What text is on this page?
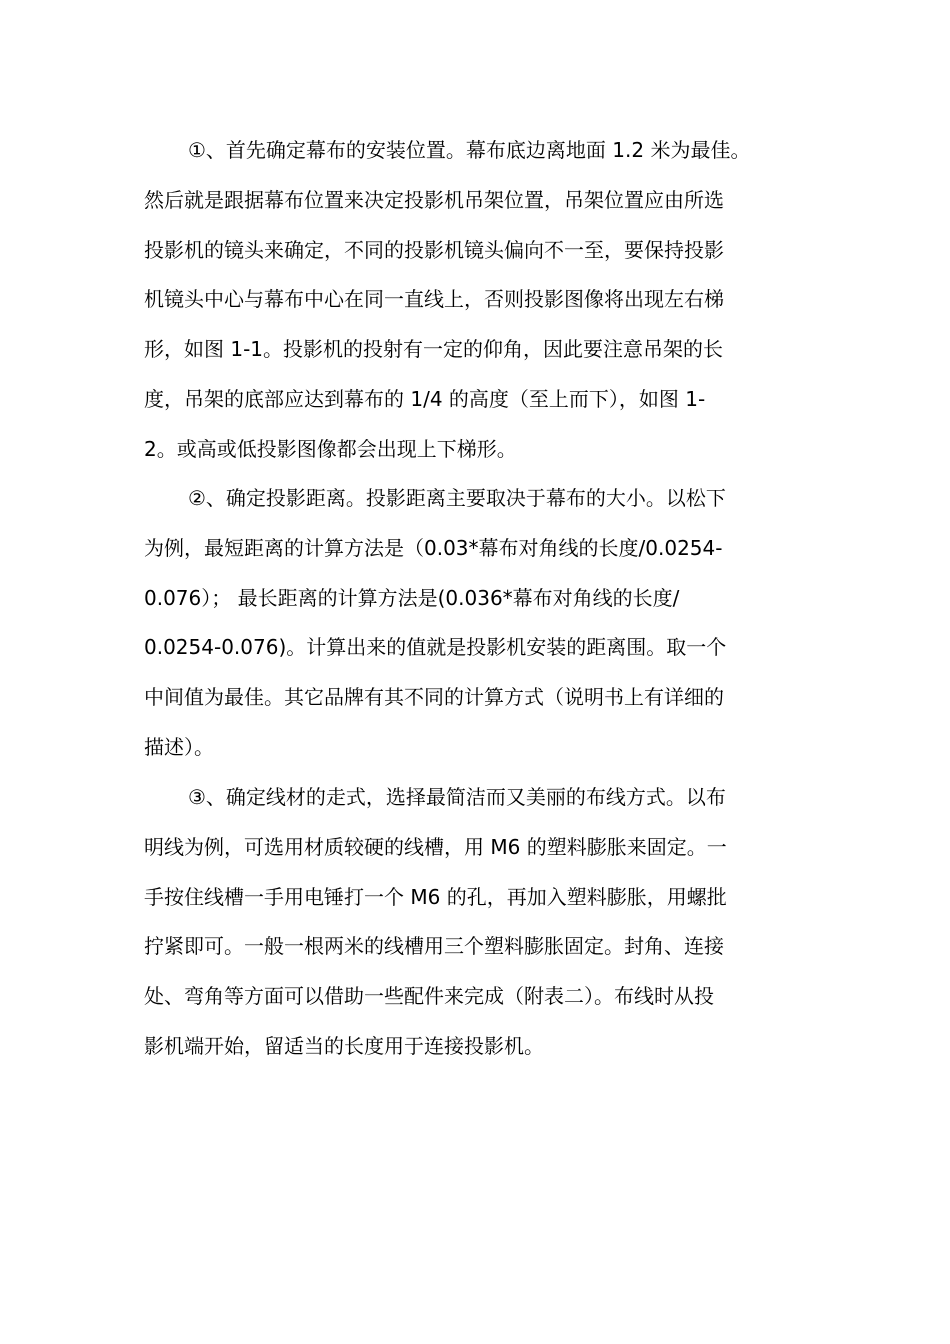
①、首先确定幕布的安装位置。幕布底边离地面 1.2 米为最佳。
然后就是跟据幕布位置来决定投影机吊架位置，吊架位置应由所选
投影机的镜头来确定，不同的投影机镜头偏向不一至，要保持投影
机镜头中心与幕布中心在同一直线上，否则投影图像将出现左右梯
形，如图 1-1。投影机的投射有一定的仰角，因此要注意吊架的长
度，吊架的底部应达到幕布的 1/4 的高度（至上而下），如图 1-
2。或高或低投影图像都会出现上下梯形。
②、确定投影距离。投影距离主要取决于幕布的大小。以松下
为例，最短距离的计算方法是（0.03*幕布对角线的长度/0.0254-
0.076）； 最长距离的计算方法是(0.036*幕布对角线的长度/
0.0254-0.076)。计算出来的值就是投影机安装的距离围。取一个
中间值为最佳。其它品牌有其不同的计算方式（说明书上有详细的
描述）。
③、确定线材的走式，选择最简洁而又美丽的布线方式。以布
明线为例，可选用材质较硬的线槽，用 M6 的塑料膨胀来固定。一
手按住线槽一手用电锤打一个 M6 的孔，再加入塑料膨胀，用螺批
拧紧即可。一般一根两米的线槽用三个塑料膨胀固定。封角、连接
处、弯角等方面可以借助一些配件来完成（附表二）。布线时从投
影机端开始，留适当的长度用于连接投影机。
